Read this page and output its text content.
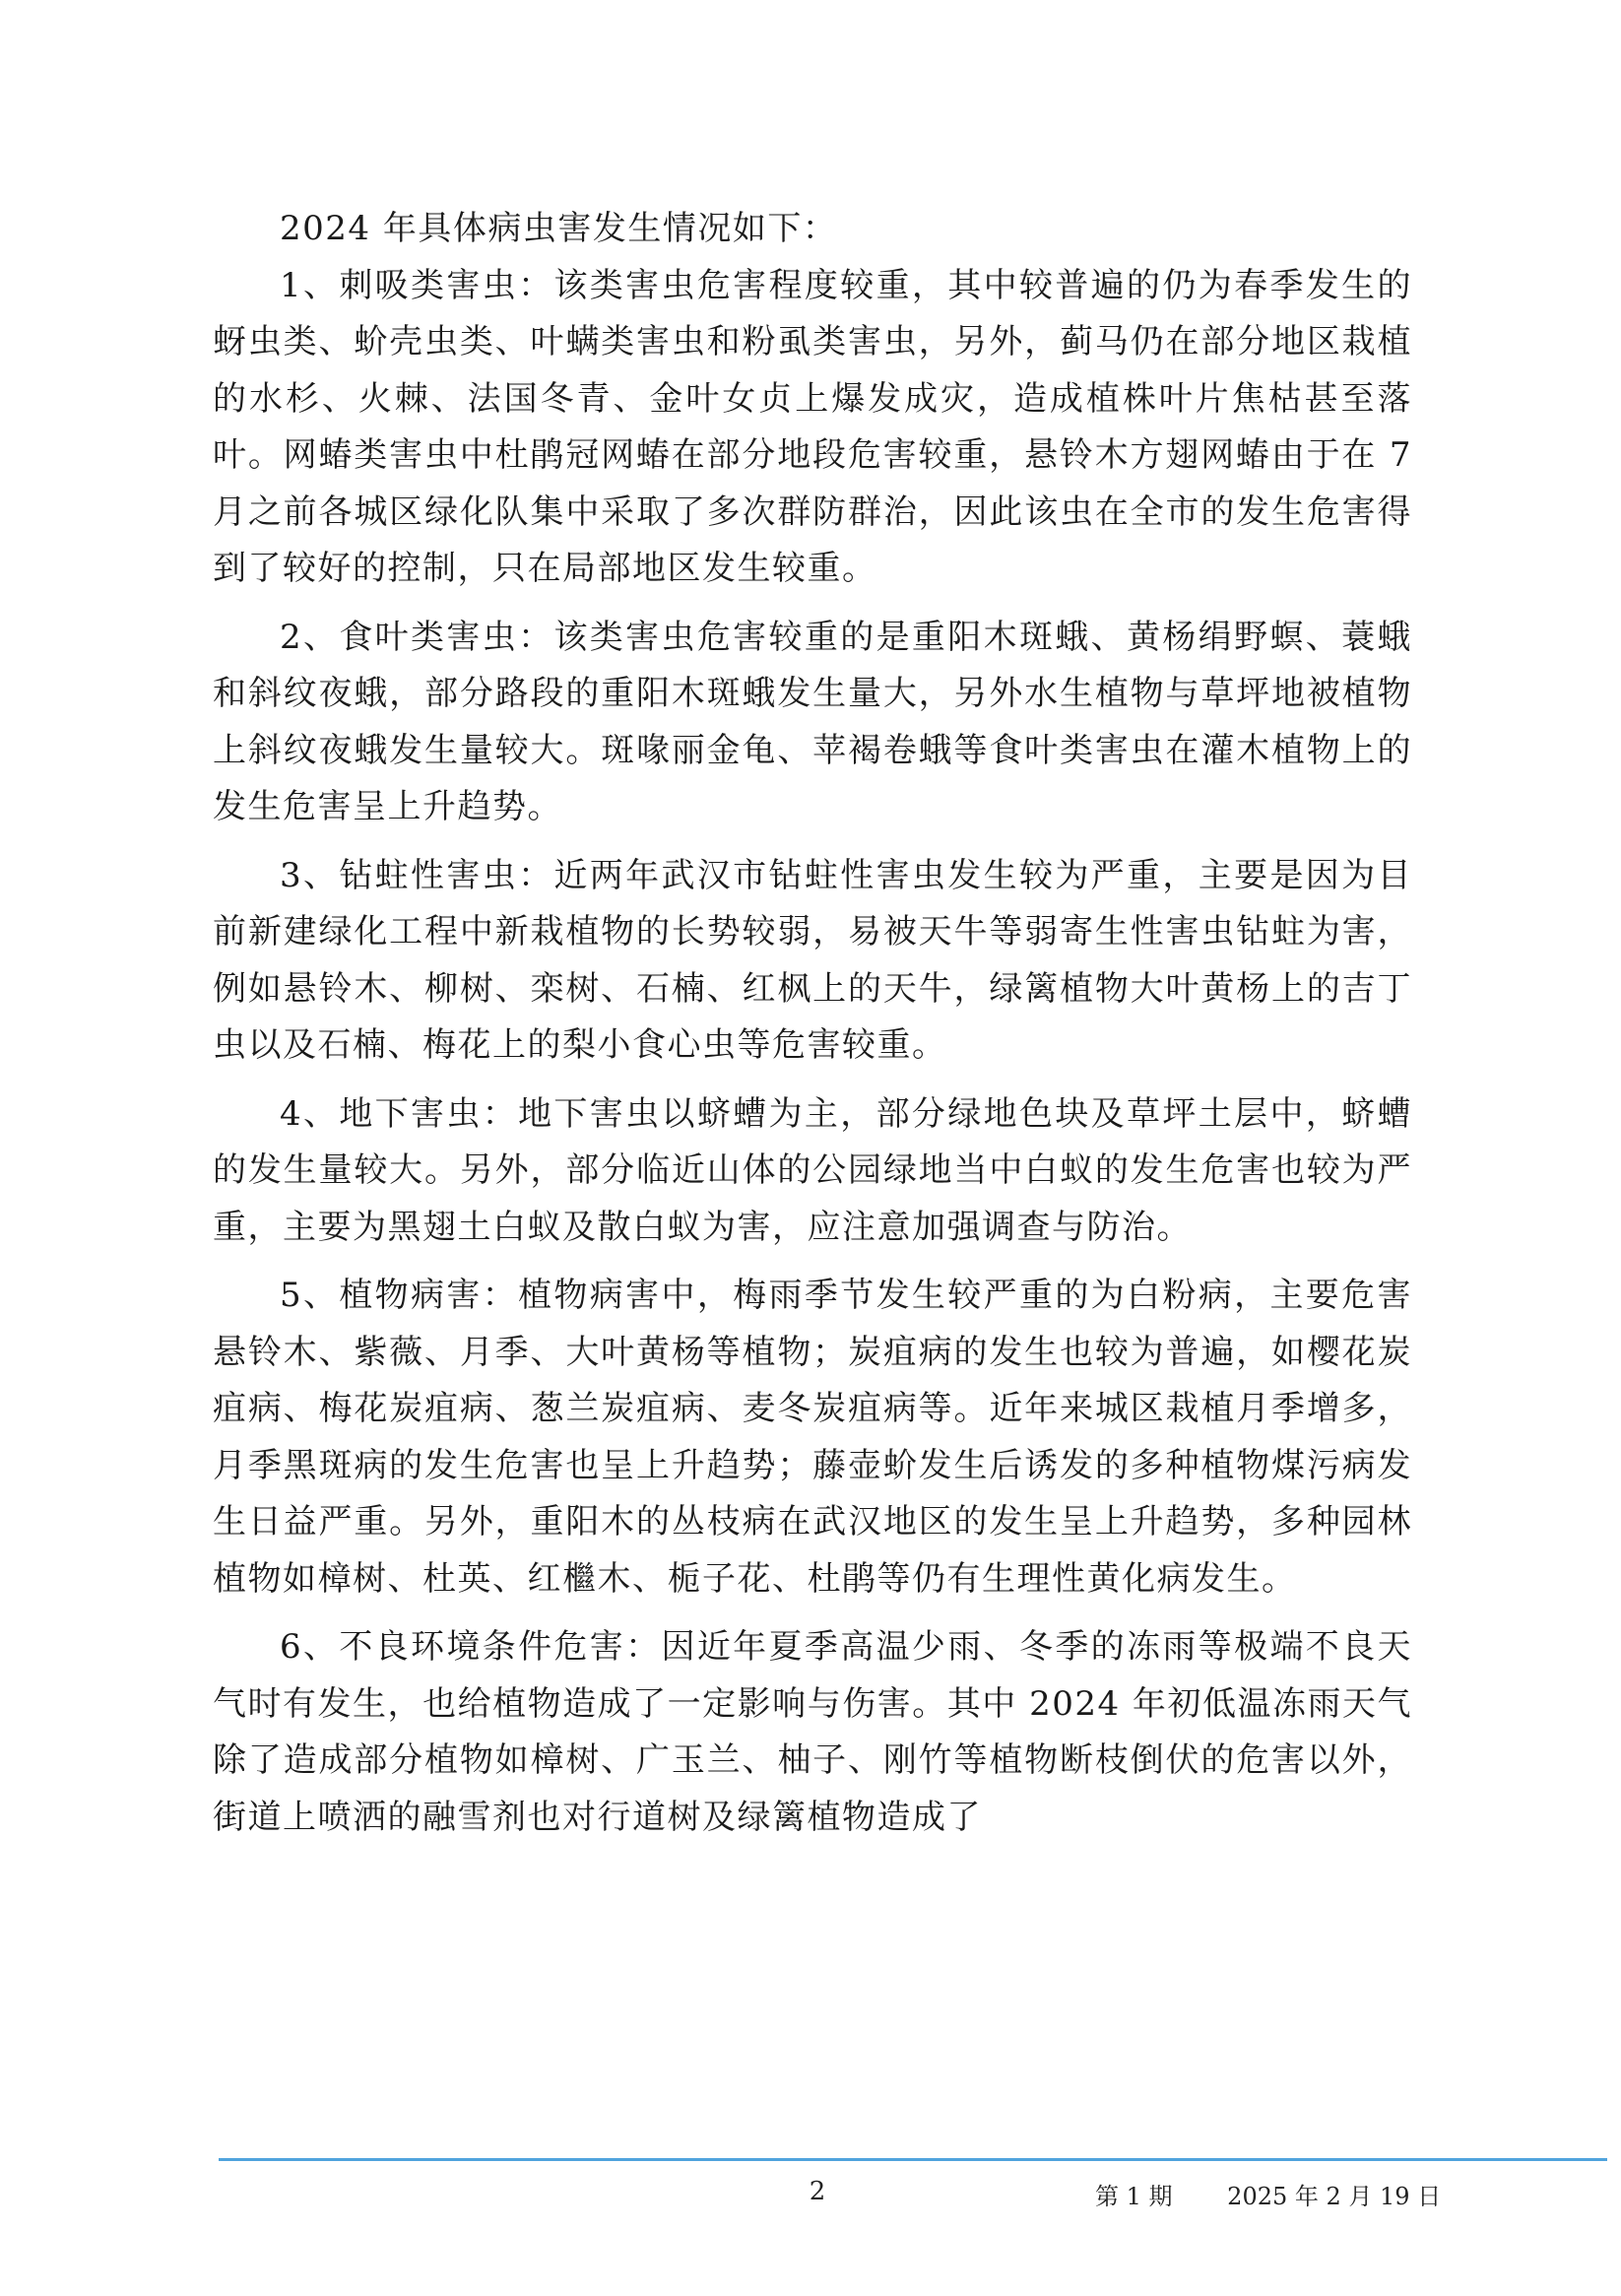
2024 年具体病虫害发生情况如下：

1、刺吸类害虫：该类害虫危害程度较重，其中较普遍的仍为春季发生的蚜虫类、蚧壳虫类、叶螨类害虫和粉虱类害虫，另外，蓟马仍在部分地区栽植的水杉、火棘、法国冬青、金叶女贞上爆发成灾，造成植株叶片焦枯甚至落叶。网蝽类害虫中杜鹃冠网蝽在部分地段危害较重，悬铃木方翅网蝽由于在 7 月之前各城区绿化队集中采取了多次群防群治，因此该虫在全市的发生危害得到了较好的控制，只在局部地区发生较重。

2、食叶类害虫：该类害虫危害较重的是重阳木斑蛾、黄杨绢野螟、蓑蛾和斜纹夜蛾，部分路段的重阳木斑蛾发生量大，另外水生植物与草坪地被植物上斜纹夜蛾发生量较大。斑喙丽金龟、苹褐卷蛾等食叶类害虫在灌木植物上的发生危害呈上升趋势。

3、钻蛀性害虫：近两年武汉市钻蛀性害虫发生较为严重，主要是因为目前新建绿化工程中新栽植物的长势较弱，易被天牛等弱寄生性害虫钻蛀为害，例如悬铃木、柳树、栾树、石楠、红枫上的天牛，绿篱植物大叶黄杨上的吉丁虫以及石楠、梅花上的梨小食心虫等危害较重。

4、地下害虫：地下害虫以蛴螬为主，部分绿地色块及草坪土层中，蛴螬的发生量较大。另外，部分临近山体的公园绿地当中白蚁的发生危害也较为严重，主要为黑翅土白蚁及散白蚁为害，应注意加强调查与防治。

5、植物病害：植物病害中，梅雨季节发生较严重的为白粉病，主要危害悬铃木、紫薇、月季、大叶黄杨等植物；炭疽病的发生也较为普遍，如樱花炭疽病、梅花炭疽病、葱兰炭疽病、麦冬炭疽病等。近年来城区栽植月季增多，月季黑斑病的发生危害也呈上升趋势；藤壶蚧发生后诱发的多种植物煤污病发生日益严重。另外，重阳木的丛枝病在武汉地区的发生呈上升趋势，多种园林植物如樟树、杜英、红檵木、栀子花、杜鹃等仍有生理性黄化病发生。

6、不良环境条件危害：因近年夏季高温少雨、冬季的冻雨等极端不良天气时有发生，也给植物造成了一定影响与伤害。其中 2024 年初低温冻雨天气除了造成部分植物如樟树、广玉兰、柚子、刚竹等植物断枝倒伏的危害以外，街道上喷洒的融雪剂也对行道树及绿篱植物造成了

2	第 1 期 2025 年 2 月 19 日
